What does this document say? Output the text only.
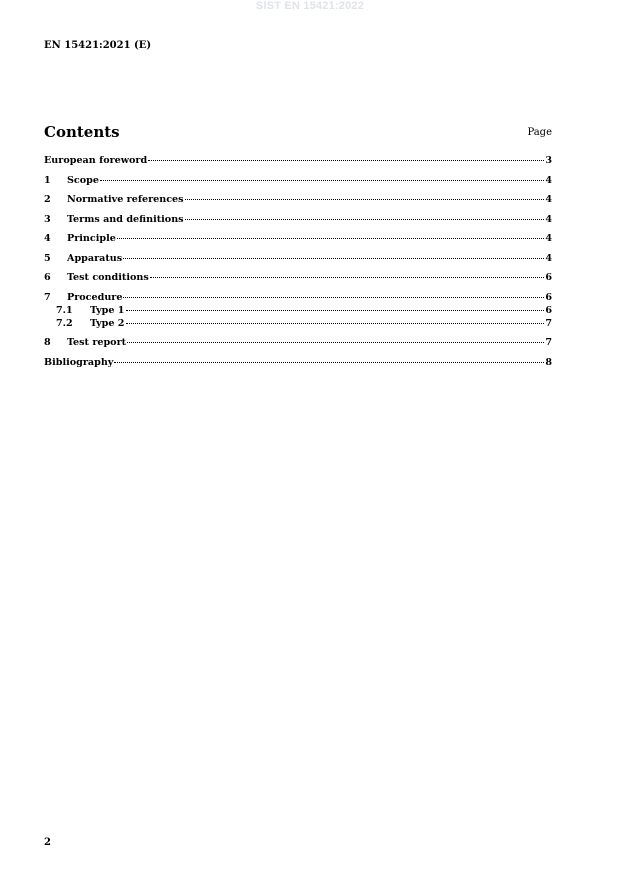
SIST EN 15421:2022
EN 15421:2021 (E)
Contents	Page
European foreword	3
1	Scope	4
2	Normative references	4
3	Terms and definitions	4
4	Principle	4
5	Apparatus	4
6	Test conditions	6
7	Procedure	6
7.1	Type 1	6
7.2	Type 2	7
8	Test report	7
Bibliography	8
2
